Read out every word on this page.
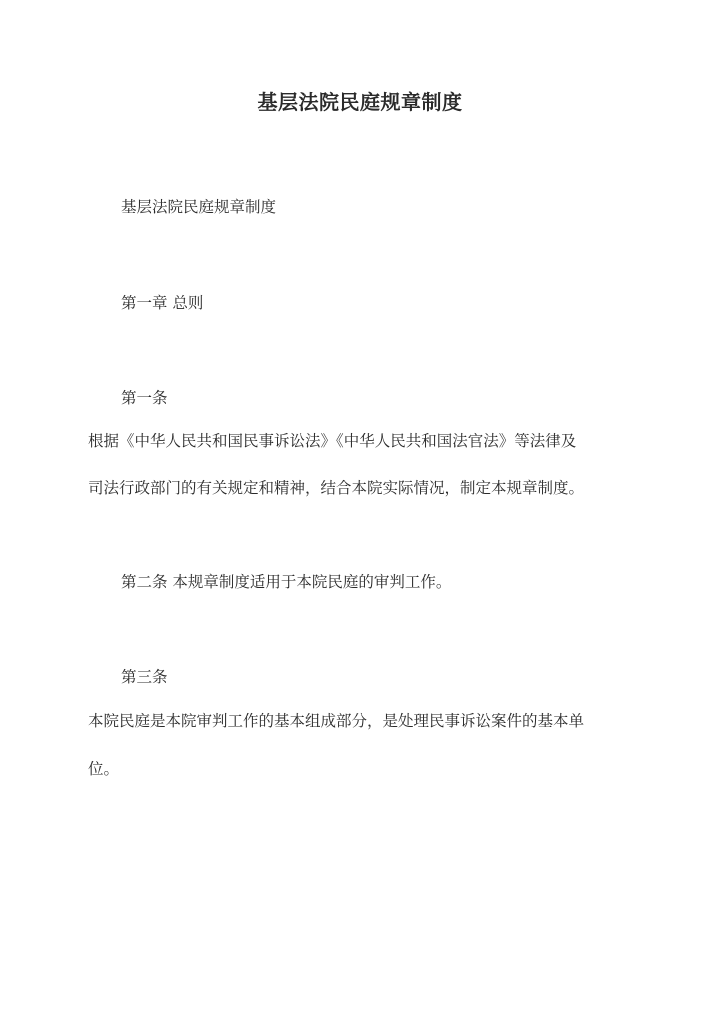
基层法院民庭规章制度
基层法院民庭规章制度
第一章 总则
第一条
根据《中华人民共和国民事诉讼法》《中华人民共和国法官法》等法律及
司法行政部门的有关规定和精神，结合本院实际情况，制定本规章制度。
第二条 本规章制度适用于本院民庭的审判工作。
第三条
本院民庭是本院审判工作的基本组成部分，是处理民事诉讼案件的基本单
位。
